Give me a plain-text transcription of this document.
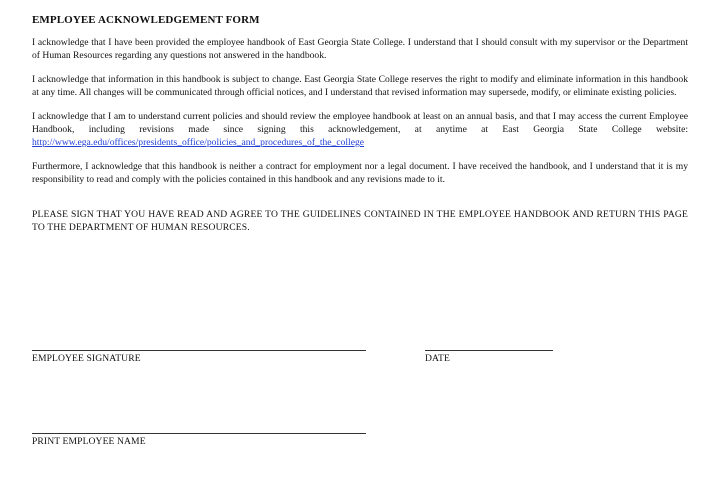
EMPLOYEE ACKNOWLEDGEMENT FORM

I acknowledge that I have been provided the employee handbook of East Georgia State College. I understand that I should consult with my supervisor or the Department of Human Resources regarding any questions not answered in the handbook.

I acknowledge that information in this handbook is subject to change. East Georgia State College reserves the right to modify and eliminate information in this handbook at any time. All changes will be communicated through official notices, and I understand that revised information may supersede, modify, or eliminate existing policies.

I acknowledge that I am to understand current policies and should review the employee handbook at least on an annual basis, and that I may access the current Employee Handbook, including revisions made since signing this acknowledgement, at anytime at East Georgia State College website: http://www.ega.edu/offices/presidents_office/policies_and_procedures_of_the_college

Furthermore, I acknowledge that this handbook is neither a contract for employment nor a legal document. I have received the handbook, and I understand that it is my responsibility to read and comply with the policies contained in this handbook and any revisions made to it.

PLEASE SIGN THAT YOU HAVE READ AND AGREE TO THE GUIDELINES CONTAINED IN THE EMPLOYEE HANDBOOK AND RETURN THIS PAGE TO THE DEPARTMENT OF HUMAN RESOURCES.

EMPLOYEE SIGNATURE	DATE
PRINT EMPLOYEE NAME
